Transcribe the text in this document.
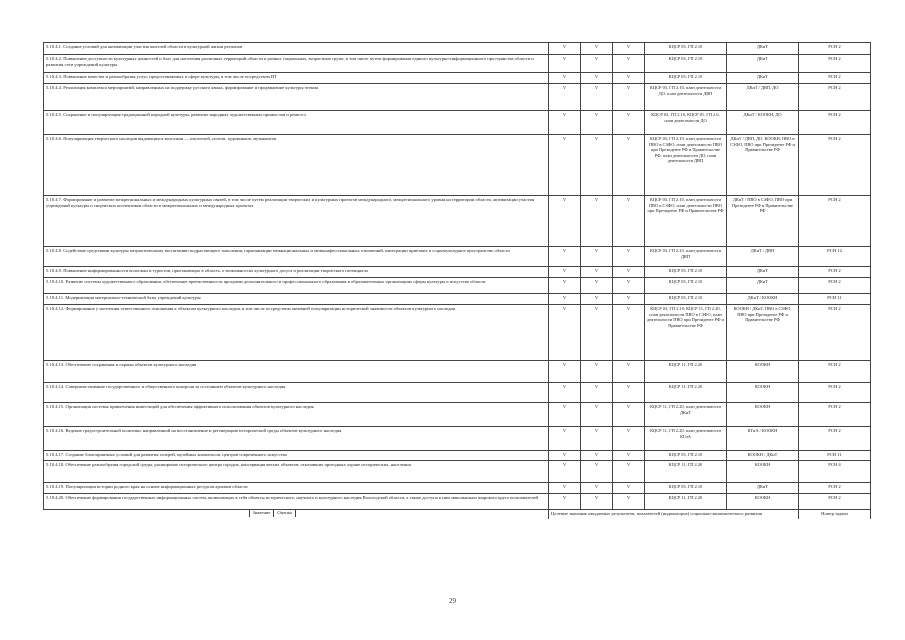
5.10.4.1. Создание условий для активизации участия жителей области в культурной жизни регионов	V	V	V	КЦСР 03, ГП 2.10	ДКиТ	РСН 2
5.10.4.2. Повышение доступности культурных ценностей и благ для населения различных территорий области и разных социальных, возрастных групп, в том числе путем формирования единого культурно-информационного пространства области и развития сети учреждений культуры	V	V	V	КЦСР 03, ГП 2.10	ДКиТ	РСН 2
5.10.4.3. Повышение качества и разнообразия услуг, предоставляемых в сфере культуры, в том числе посредством ИТ	V	V	V	КЦСР 03, ГП 2.10	ДКиТ	РСН 2
5.10.4.4. Реализация комплекса мероприятий, направленных на поддержку русского языка, формирование и продвижение культуры чтения	V	V	V	КЦСР 03, ГП 2.10, план деятельности ДО, план деятельности ДВП	ДКиТ / ДВП, ДО	РСН 2
5.10.4.5. Сохранение и популяризация традиционной народной культуры, развитие народных художественных промыслов и ремесел	V	V	V	КЦСР 03, ГП 2.10, КЦСР 01, ГП 2.6, план деятельности ДО	ДКиТ / КООКН, ДО	РСН 2
5.10.4.6. Популяризация творческого наследия выдающихся вологжан — писателей, поэтов, художников, музыкантов	V	V	V	КЦСР 03, ГП 2.10, план деятельности ПВО в СЗФО, план деятельности ПВО при Президенте РФ и Правительстве РФ, план деятельности ДО, план деятельности ДВП	ДКиТ / ДВП, ДО, КООКН, ПВО в СЗФО, ПВО при Президенте РФ и Правительстве РФ	РСН 2
5.10.4.7. Формирование и развитие межрегиональных и международных культурных связей, в том числе путем реализации творческих и культурных проектов международного, межрегионального уровня на территории области, активизации участия учреждений культуры и творческих коллективов области в межрегиональных и международных проектах	V	V	V	КЦСР 03, ГП 2.10, план деятельности ПВО в СЗФО, план деятельности ПВО при Президенте РФ и Правительстве РФ	ДКиТ / ПВО в СЗФО, ПВО при Президенте РФ и Правительстве РФ	РСН 2
5.10.4.8. Содействие средствами культуры патриотическому воспитанию подрастающего поколения, гармонизации межнациональных и межконфессиональных отношений, интеграции приезжих в социокультурное пространство области	V	V	V	КЦСР 03, ГП 2.10, план деятельности ДВП	ДКиТ / ДВП	РСН 12
5.10.4.9. Повышение информированности вологжан и туристов, приезжающих в область, о возможностях культурного досуга и реализации творческого потенциала	V	V	V	КЦСР 03, ГП 2.10	ДКиТ	РСН 2
5.10.4.10. Развитие системы художественного образования, обеспечение преемственности программ дополнительного и профессионального образования в образовательных организациях сферы культуры и искусства области	V	V	V	КЦСР 03, ГП 2.10	ДКиТ	РСН 2
5.10.4.11. Модернизация материально-технической базы учреждений культуры	V	V	V	КЦСР 03, ГП 2.10	ДКиТ / КООКН	РСН 11
5.10.4.12. Формирование у населения ответственного отношения к объектам культурного наследия, в том числе посредством активной популяризации исторической значимости объектов культурного наследия	V	V	V	КЦСР 03, ГП 2.10, КЦСР 11, ГП 2.20, план деятельности ПВО в СЗФО, план деятельности ПВО при Президенте РФ и Правительстве РФ	КООКН / ДКиТ, ПВО в СЗФО, ПВО при Президенте РФ и Правительстве РФ	РСН 2
5.10.4.13. Обеспечение сохранения и охраны объектов культурного наследия	V	V	V	КЦСР 11, ГП 2.20	КООКН	РСН 2
5.10.4.14. Совершенствование государственного и общественного контроля за состоянием объектов культурного наследия	V	V	V	КЦСР 11, ГП 2.20	КООКН	РСН 2
5.10.4.15. Организация системы привлечения инвестиций для обеспечения эффективного использования объектов культурного наследия	V	V	V	КЦСР 11, ГП 2.20, план деятельности ДКиТ	КООКН	РСН 2
5.10.4.16. Ведение градостроительной политики, направленной на восстановление и регенерацию исторической среды объектов культурного наследия	V	V	V	КЦСР 11, ГП 2.20, план деятельности КГиА	КГиА / КООКН	РСН 2
5.10.4.17. Создание благоприятных условий для развития галерей, музейных комплексов, центров современного искусства	V	V	V	КЦСР 03, ГП 2.10	КООКН / ДКиТ	РСН 11
5.10.4.18. Обеспечение разнообразия городской среды, расширение исторического центра городов, консервация ветхих объектов, отказавших пригодных охране исторических, населения	V	V	V	КЦСР 11, ГП 2.20	КООКН	РСН 4
5.10.4.19. Популяризация истории родного края на основе информационных ресурсов архивов области	V	V	V	КЦСР 03, ГП 2.10	ДКиТ	РСН 2
5.10.4.20. Обеспечение формирования государственных информационных систем, включающих в себя объекты исторического, научного и культурного наследия Вологодской области, а также доступа к ним максимально широкого круга пользователей	V	V	V	КЦСР 11, ГП 2.20	КООКН	РСН 2

Значение Оценка	Целевые значения ожидаемых результатов, показателей (индикаторов) социально-экономического развития					Номер задачи
29
